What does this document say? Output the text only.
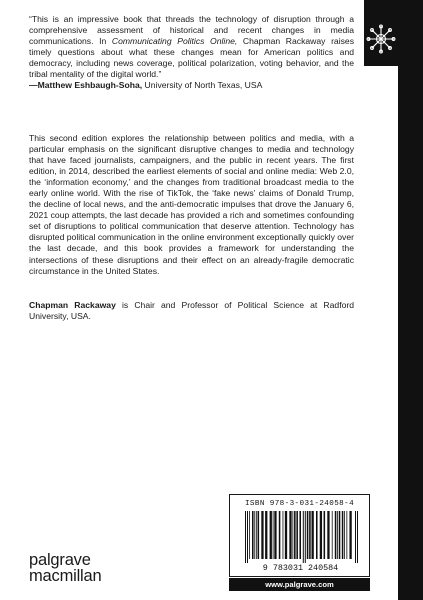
“This is an impressive book that threads the technology of disruption through a comprehensive assessment of historical and recent changes in media communications. In Communicating Politics Online, Chapman Rackaway raises timely questions about what these changes mean for American politics and democracy, including news coverage, political polarization, voting behavior, and the tribal mentality of the digital world.”

—Matthew Eshbaugh-Soha, University of North Texas, USA

This second edition explores the relationship between politics and media, with a particular emphasis on the significant disruptive changes to media and technology that have faced journalists, campaigners, and the public in recent years. The first edition, in 2014, described the earliest elements of social and online media: Web 2.0, the ‘information economy,’ and the changes from traditional broadcast media to the early online world. With the rise of TikTok, the ‘fake news’ claims of Donald Trump, the decline of local news, and the anti-democratic impulses that drove the January 6, 2021 coup attempts, the last decade has provided a rich and sometimes confounding set of disruptions to political communication that deserve attention. Technology has disrupted political communication in the online environment exceptionally quickly over the last decade, and this book provides a framework for understanding the intersections of these disruptions and their effect on an already-fragile democratic circumstance in the United States.

Chapman Rackaway is Chair and Professor of Political Science at Radford University, USA.

palgrave
macmillan
ISBN 978-3-031-24058-4
9 783031 240584
www.palgrave.com
